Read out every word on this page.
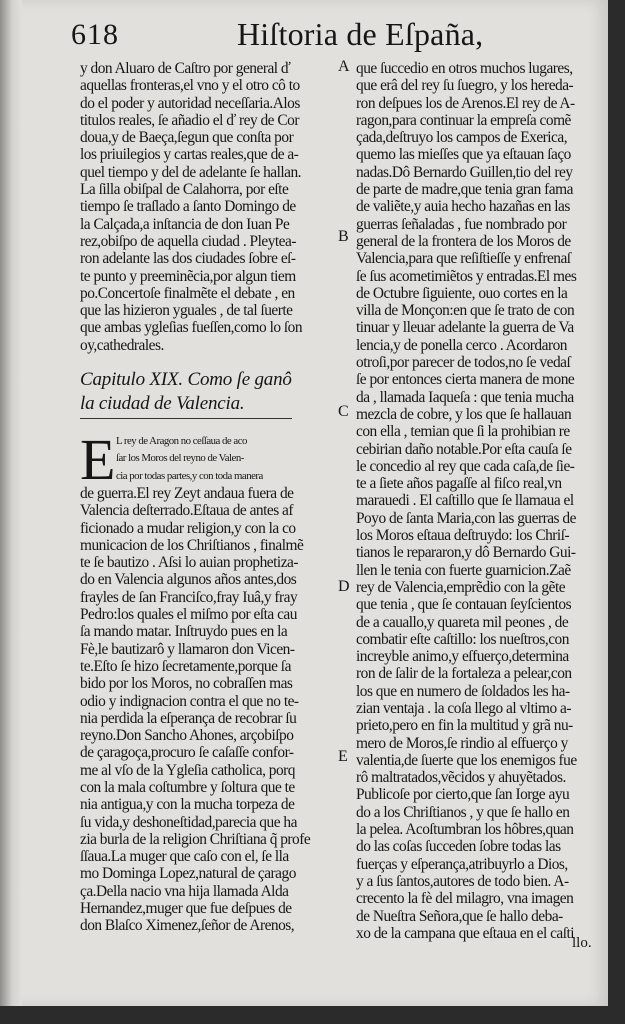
618	Hiſtoria de Eſpaña,
A
B
C
D
E
y don Aluaro de Caſtro por general ď
aquellas fronteras,el vno y el otro cô to
do el poder y autoridad neceſſaria.Alos
titulos reales, ſe añadio el ď rey de Cor
doua,y de Baeça,ſegun que conſta por
los priuilegios y cartas reales,que de a-
quel tiempo y del de adelante ſe hallan.
La ſilla obiſpal de Calahorra, por eſte
tiempo ſe traſlado a ſanto Domingo de
la Calçada,a inſtancia de don Iuan Pe
rez,obiſpo de aquella ciudad . Pleytea-
ron adelante las dos ciudades ſobre eſ-
te punto y preeminẽcia,por algun tiem
po.Concertoſe finalmẽte el debate , en
que las hizieron yguales , de tal ſuerte
que ambas ygleſias fueſſen,como lo ſon
oy,cathedrales.
Capitulo XIX. Como ſe ganô
la ciudad de Valencia.
E L rey de Aragon no ceſſaua de aco
ſar los Moros del reyno de Valen-
cia por todas partes,y con toda manera
de guerra.El rey Zeyt andaua fuera de
Valencia deſterrado.Eſtaua de antes af
ficionado a mudar religion,y con la co
municacion de los Chriſtianos , finalmẽ
te ſe bautizo . Aſsi lo auian prophetiza-
do en Valencia algunos años antes,dos
frayles de ſan Franciſco,fray Iuâ,y fray
Pedro:los quales el miſmo por eſta cau
ſa mando matar. Inſtruydo pues en la
Fè,le bautizarô y llamaron don Vicen-
te.Eſto ſe hizo ſecretamente,porque ſa
bido por los Moros, no cobraſſen mas
odio y indignacion contra el que no te-
nia perdida la eſperança de recobrar ſu
reyno.Don Sancho Ahones, arçobiſpo
de çaragoça,procuro ſe caſaſſe confor-
me al vſo de la Ygleſia catholica, porq
con la mala coſtumbre y ſoltura que te
nia antigua,y con la mucha torpeza de
ſu vida,y deshoneſtidad,parecia que ha
zia burla de la religion Chriſtiana q̃ profe
ſſaua.La muger que caſo con el, ſe lla
mo Dominga Lopez,natural de çarago
ça.Della nacio vna hija llamada Alda
Hernandez,muger que fue deſpues de
don Blaſco Ximenez,ſeñor de Arenos,
que ſuccedio en otros muchos lugares,
que erâ del rey ſu ſuegro, y los hereda-
ron deſpues los de Arenos.El rey de A-
ragon,para continuar la empreſa comẽ
çada,deſtruyo los campos de Exerica,
quemo las mieſſes que ya eſtauan ſaço
nadas.Dô Bernardo Guillen,tio del rey
de parte de madre,que tenia gran fama
de valiẽte,y auia hecho hazañas en las
guerras ſeñaladas , fue nombrado por
general de la frontera de los Moros de
Valencia,para que reſiſtieſſe y enfrenaſ
ſe ſus acometimiẽtos y entradas.El mes
de Octubre ſiguiente, ouo cortes en la
villa de Monçon:en que ſe trato de con
tinuar y lleuar adelante la guerra de Va
lencia,y de ponella cerco . Acordaron
otroſi,por parecer de todos,no ſe vedaſ
ſe por entonces cierta manera de mone
da , llamada Iaqueſa : que tenia mucha
mezcla de cobre, y los que ſe hallauan
con ella , temian que ſi la prohibian re
cebirian daño notable.Por eſta cauſa ſe
le concedio al rey que cada caſa,de ſie-
te a ſiete años pagaſſe al fiſco real,vn
marauedi . El caſtillo que ſe llamaua el
Poyo de ſanta Maria,con las guerras de
los Moros eſtaua deſtruydo: los Chriſ-
tianos le repararon,y dô Bernardo Gui-
llen le tenia con fuerte guarnicion.Zaẽ
rey de Valencia,emprẽdio con la gẽte
que tenia , que ſe contauan ſeyſcientos
de a cauallo,y quareta mil peones , de
combatir eſte caſtillo: los nueſtros,con
increyble animo,y eſfuerço,determina
ron de ſalir de la fortaleza a pelear,con
los que en numero de ſoldados les ha-
zian ventaja . la coſa llego al vltimo a-
prieto,pero en fin la multitud y grã nu-
mero de Moros,ſe rindio al eſfuerço y
valentia,de ſuerte que los enemigos fue
rô maltratados,vẽcidos y ahuyẽtados.
Publicoſe por cierto,que ſan Iorge ayu
do a los Chriſtianos , y que ſe hallo en
la pelea. Acoſtumbran los hôbres,quan
do las coſas ſucceden ſobre todas las
fuerças y eſperança,atribuyrlo a Dios,
y a ſus ſantos,autores de todo bien. A-
crecento la fè del milagro, vna imagen
de Nueſtra Señora,que ſe hallo deba-
xo de la campana que eſtaua en el caſti
llo.
